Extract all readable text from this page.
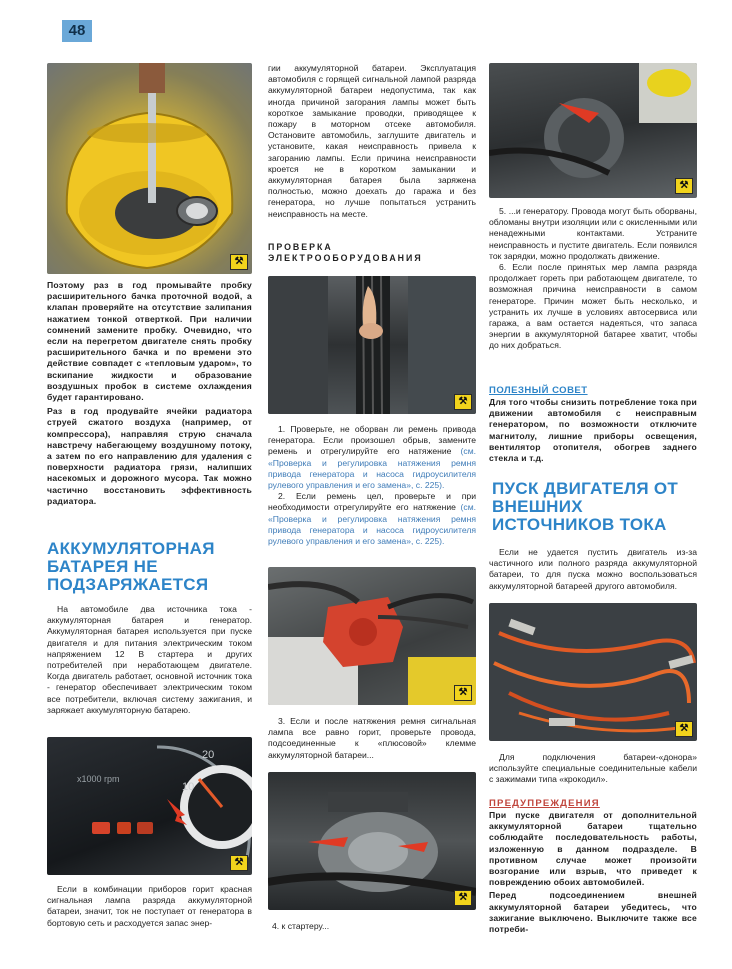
48
⚒

Поэтому раз в год промывайте пробку расширительного бачка проточной водой, а клапан проверяйте на отсутствие залипания нажатием тонкой отверткой. При наличии сомнений замените пробку. Очевидно, что если на перегретом двигателе снять пробку расширительного бачка и по времени это действие совпадет с «тепловым ударом», то вскипание жидкости и образование воздушных пробок в системе охлаждения будет гарантировано.

Раз в год продувайте ячейки радиатора струей сжатого воздуха (например, от компрессора), направляя струю сначала навстречу набегающему воздушному потоку, а затем по его направлению для удаления с поверхности радиатора грязи, налипших насекомых и дорожного мусора. Так можно частично восстановить эффективность радиатора.

АККУМУЛЯТОРНАЯ БАТАРЕЯ НЕ ПОДЗАРЯЖАЕТСЯ

На автомобиле два источника тока - аккумуляторная батарея и генератор. Аккумуляторная батарея используется при пуске двигателя и для питания электрическим током напряжением 12 В стартера и других потребителей при неработающем двигателе. Когда двигатель работает, основной источник тока - генератор обеспечивает электрическим током все потребители, включая систему зажигания, и заряжает аккумуляторную батарею.

20
10
x1000 rpm
⚒

Если в комбинации приборов горит красная сигнальная лампа разряда аккумуляторной батареи, значит, ток не поступает от генератора в бортовую сеть и расходуется запас энер-

гии аккумуляторной батареи. Эксплуатация автомобиля с горящей сигнальной лампой разряда аккумуляторной батареи недопустима, так как иногда причиной загорания лампы может быть короткое замыкание проводки, приводящее к пожару в моторном отсеке автомобиля. Остановите автомобиль, заглушите двигатель и установите, какая неисправность привела к загоранию лампы. Если причина неисправности кроется не в коротком замыкании и аккумуляторная батарея была заряжена полностью, можно доехать до гаража и без генератора, но лучше попытаться устранить неисправность на месте.

ПРОВЕРКА ЭЛЕКТРООБОРУДОВАНИЯ
⚒

1. Проверьте, не оборван ли ремень привода генератора. Если произошел обрыв, замените ремень и отрегулируйте его натяжение (см. «Проверка и регулировка натяжения ремня привода генератора и насоса гидроусилителя рулевого управления и его замена», с. 225).

2. Если ремень цел, проверьте и при необходимости отрегулируйте его натяжение (см. «Проверка и регулировка натяжения ремня привода генератора и насоса гидроусилителя рулевого управления и его замена», с. 225).

⚒

3. Если и после натяжения ремня сигнальная лампа все равно горит, проверьте провода, подсоединенные к «плюсовой» клемме аккумуляторной батареи...

⚒

4. к стартеру...

⚒

5. ...и генератору. Провода могут быть оборваны, обломаны внутри изоляции или с окисленными или ненадежными контактами. Устраните неисправность и пустите двигатель. Если появился ток зарядки, можно продолжать движение.

6. Если после принятых мер лампа разряда продолжает гореть при работающем двигателе, то возможная причина неисправности в самом генераторе. Причин может быть несколько, и устранить их лучше в условиях автосервиса или гаража, а вам остается надеяться, что запаса энергии в аккумуляторной батарее хватит, чтобы до них добраться.

ПОЛЕЗНЫЙ СОВЕТ

Для того чтобы снизить потребление тока при движении автомобиля с неисправным генератором, по возможности отключите магнитолу, лишние приборы освещения, вентилятор отопителя, обогрев заднего стекла и т.д.

ПУСК ДВИГАТЕЛЯ ОТ ВНЕШНИХ ИСТОЧНИКОВ ТОКА

Если не удается пустить двигатель из-за частичного или полного разряда аккумуляторной батареи, то для пуска можно воспользоваться аккумуляторной батареей другого автомобиля.

⚒

Для подключения батареи-«донора» используйте специальные соединительные кабели с зажимами типа «крокодил».

ПРЕДУПРЕЖДЕНИЯ

При пуске двигателя от дополнительной аккумуляторной батареи тщательно соблюдайте последовательность работы, изложенную в данном подразделе. В противном случае может произойти возгорание или взрыв, что приведет к повреждению обоих автомобилей.

Перед подсоединением внешней аккумуляторной батареи убедитесь, что зажигание выключено. Выключите также все потреби-
